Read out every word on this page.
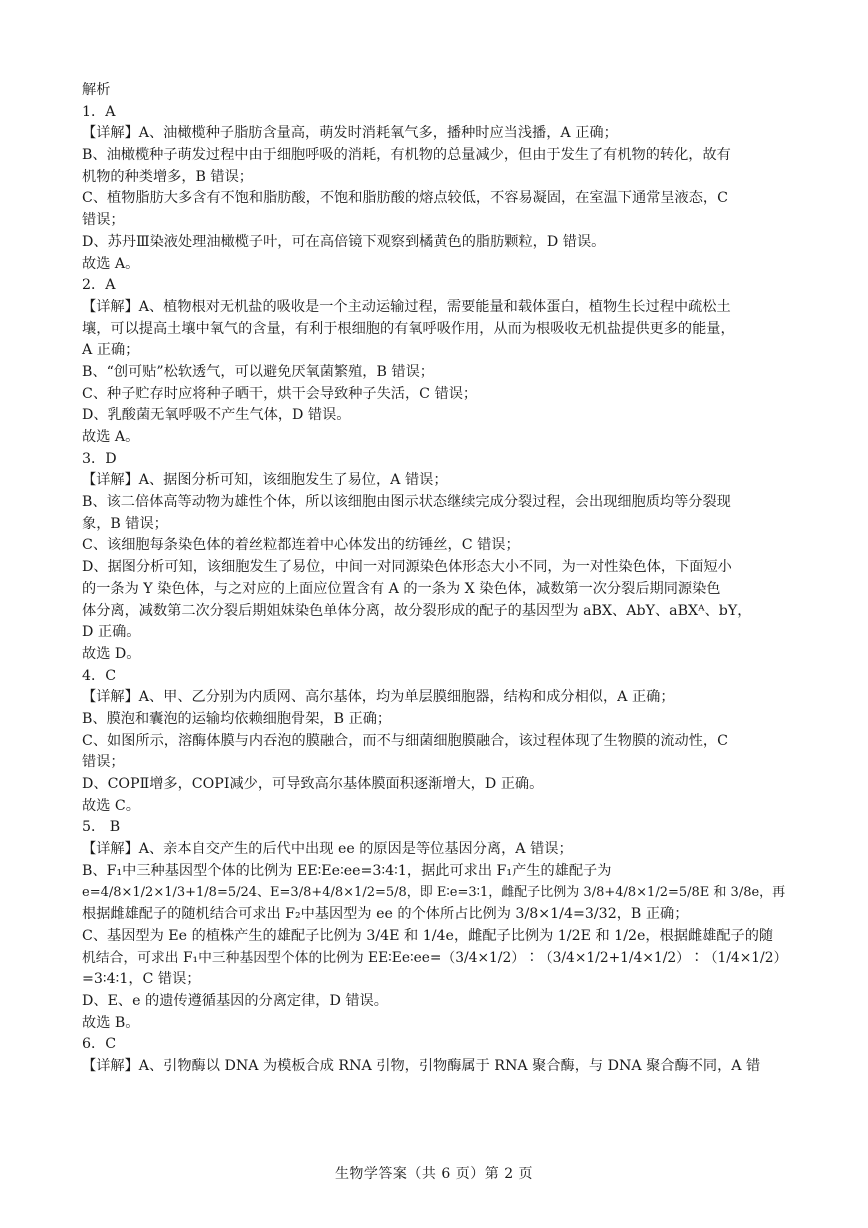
解析
1．A
【详解】A、油橄榄种子脂肪含量高，萌发时消耗氧气多，播种时应当浅播，A 正确；
B、油橄榄种子萌发过程中由于细胞呼吸的消耗，有机物的总量减少，但由于发生了有机物的转化，故有
机物的种类增多，B 错误；
C、植物脂肪大多含有不饱和脂肪酸，不饱和脂肪酸的熔点较低，不容易凝固，在室温下通常呈液态，C
错误；
D、苏丹Ⅲ染液处理油橄榄子叶，可在高倍镜下观察到橘黄色的脂肪颗粒，D 错误。
故选 A。
2．A
【详解】A、植物根对无机盐的吸收是一个主动运输过程，需要能量和载体蛋白，植物生长过程中疏松土
壤，可以提高土壤中氧气的含量，有利于根细胞的有氧呼吸作用，从而为根吸收无机盐提供更多的能量，
A 正确；
B、“创可贴”松软透气，可以避免厌氧菌繁殖，B 错误；
C、种子贮存时应将种子晒干，烘干会导致种子失活，C 错误；
D、乳酸菌无氧呼吸不产生气体，D 错误。
故选 A。
3．D
【详解】A、据图分析可知，该细胞发生了易位，A 错误；
B、该二倍体高等动物为雄性个体，所以该细胞由图示状态继续完成分裂过程，会出现细胞质均等分裂现
象，B 错误；
C、该细胞每条染色体的着丝粒都连着中心体发出的纺锤丝，C 错误；
D、据图分析可知，该细胞发生了易位，中间一对同源染色体形态大小不同，为一对性染色体，下面短小
的一条为 Y 染色体，与之对应的上面应位置含有 A 的一条为 X 染色体，减数第一次分裂后期同源染色
体分离，减数第二次分裂后期姐妹染色单体分离，故分裂形成的配子的基因型为 aBX、AbY、aBXᴬ、bY，
D 正确。
故选 D。
4．C
【详解】A、甲、乙分别为内质网、高尔基体，均为单层膜细胞器，结构和成分相似，A 正确；
B、膜泡和囊泡的运输均依赖细胞骨架，B 正确；
C、如图所示，溶酶体膜与内吞泡的膜融合，而不与细菌细胞膜融合，该过程体现了生物膜的流动性，C
错误；
D、COPⅡ增多，COPⅠ减少，可导致高尔基体膜面积逐渐增大，D 正确。
故选 C。
5． B
【详解】A、亲本自交产生的后代中出现 ee 的原因是等位基因分离，A 错误；
B、F₁中三种基因型个体的比例为 EE∶Ee∶ee=3∶4∶1，据此可求出 F₁产生的雄配子为
e=4/8×1/2×1/3+1/8=5/24、E=3/8+4/8×1/2=5/8，即 E∶e=3∶1，雌配子比例为 3/8+4/8×1/2=5/8E 和 3/8e，再
根据雌雄配子的随机结合可求出 F₂中基因型为 ee 的个体所占比例为 3/8×1/4=3/32，B 正确；
C、基因型为 Ee 的植株产生的雄配子比例为 3/4E 和 1/4e，雌配子比例为 1/2E 和 1/2e，根据雌雄配子的随
机结合，可求出 F₁中三种基因型个体的比例为 EE∶Ee∶ee=（3/4×1/2）∶（3/4×1/2+1/4×1/2）∶（1/4×1/2）
=3∶4∶1，C 错误；
D、E、e 的遗传遵循基因的分离定律，D 错误。
故选 B。
6．C
【详解】A、引物酶以 DNA 为模板合成 RNA 引物，引物酶属于 RNA 聚合酶，与 DNA 聚合酶不同，A 错
生物学答案（共 6 页）第 2 页
